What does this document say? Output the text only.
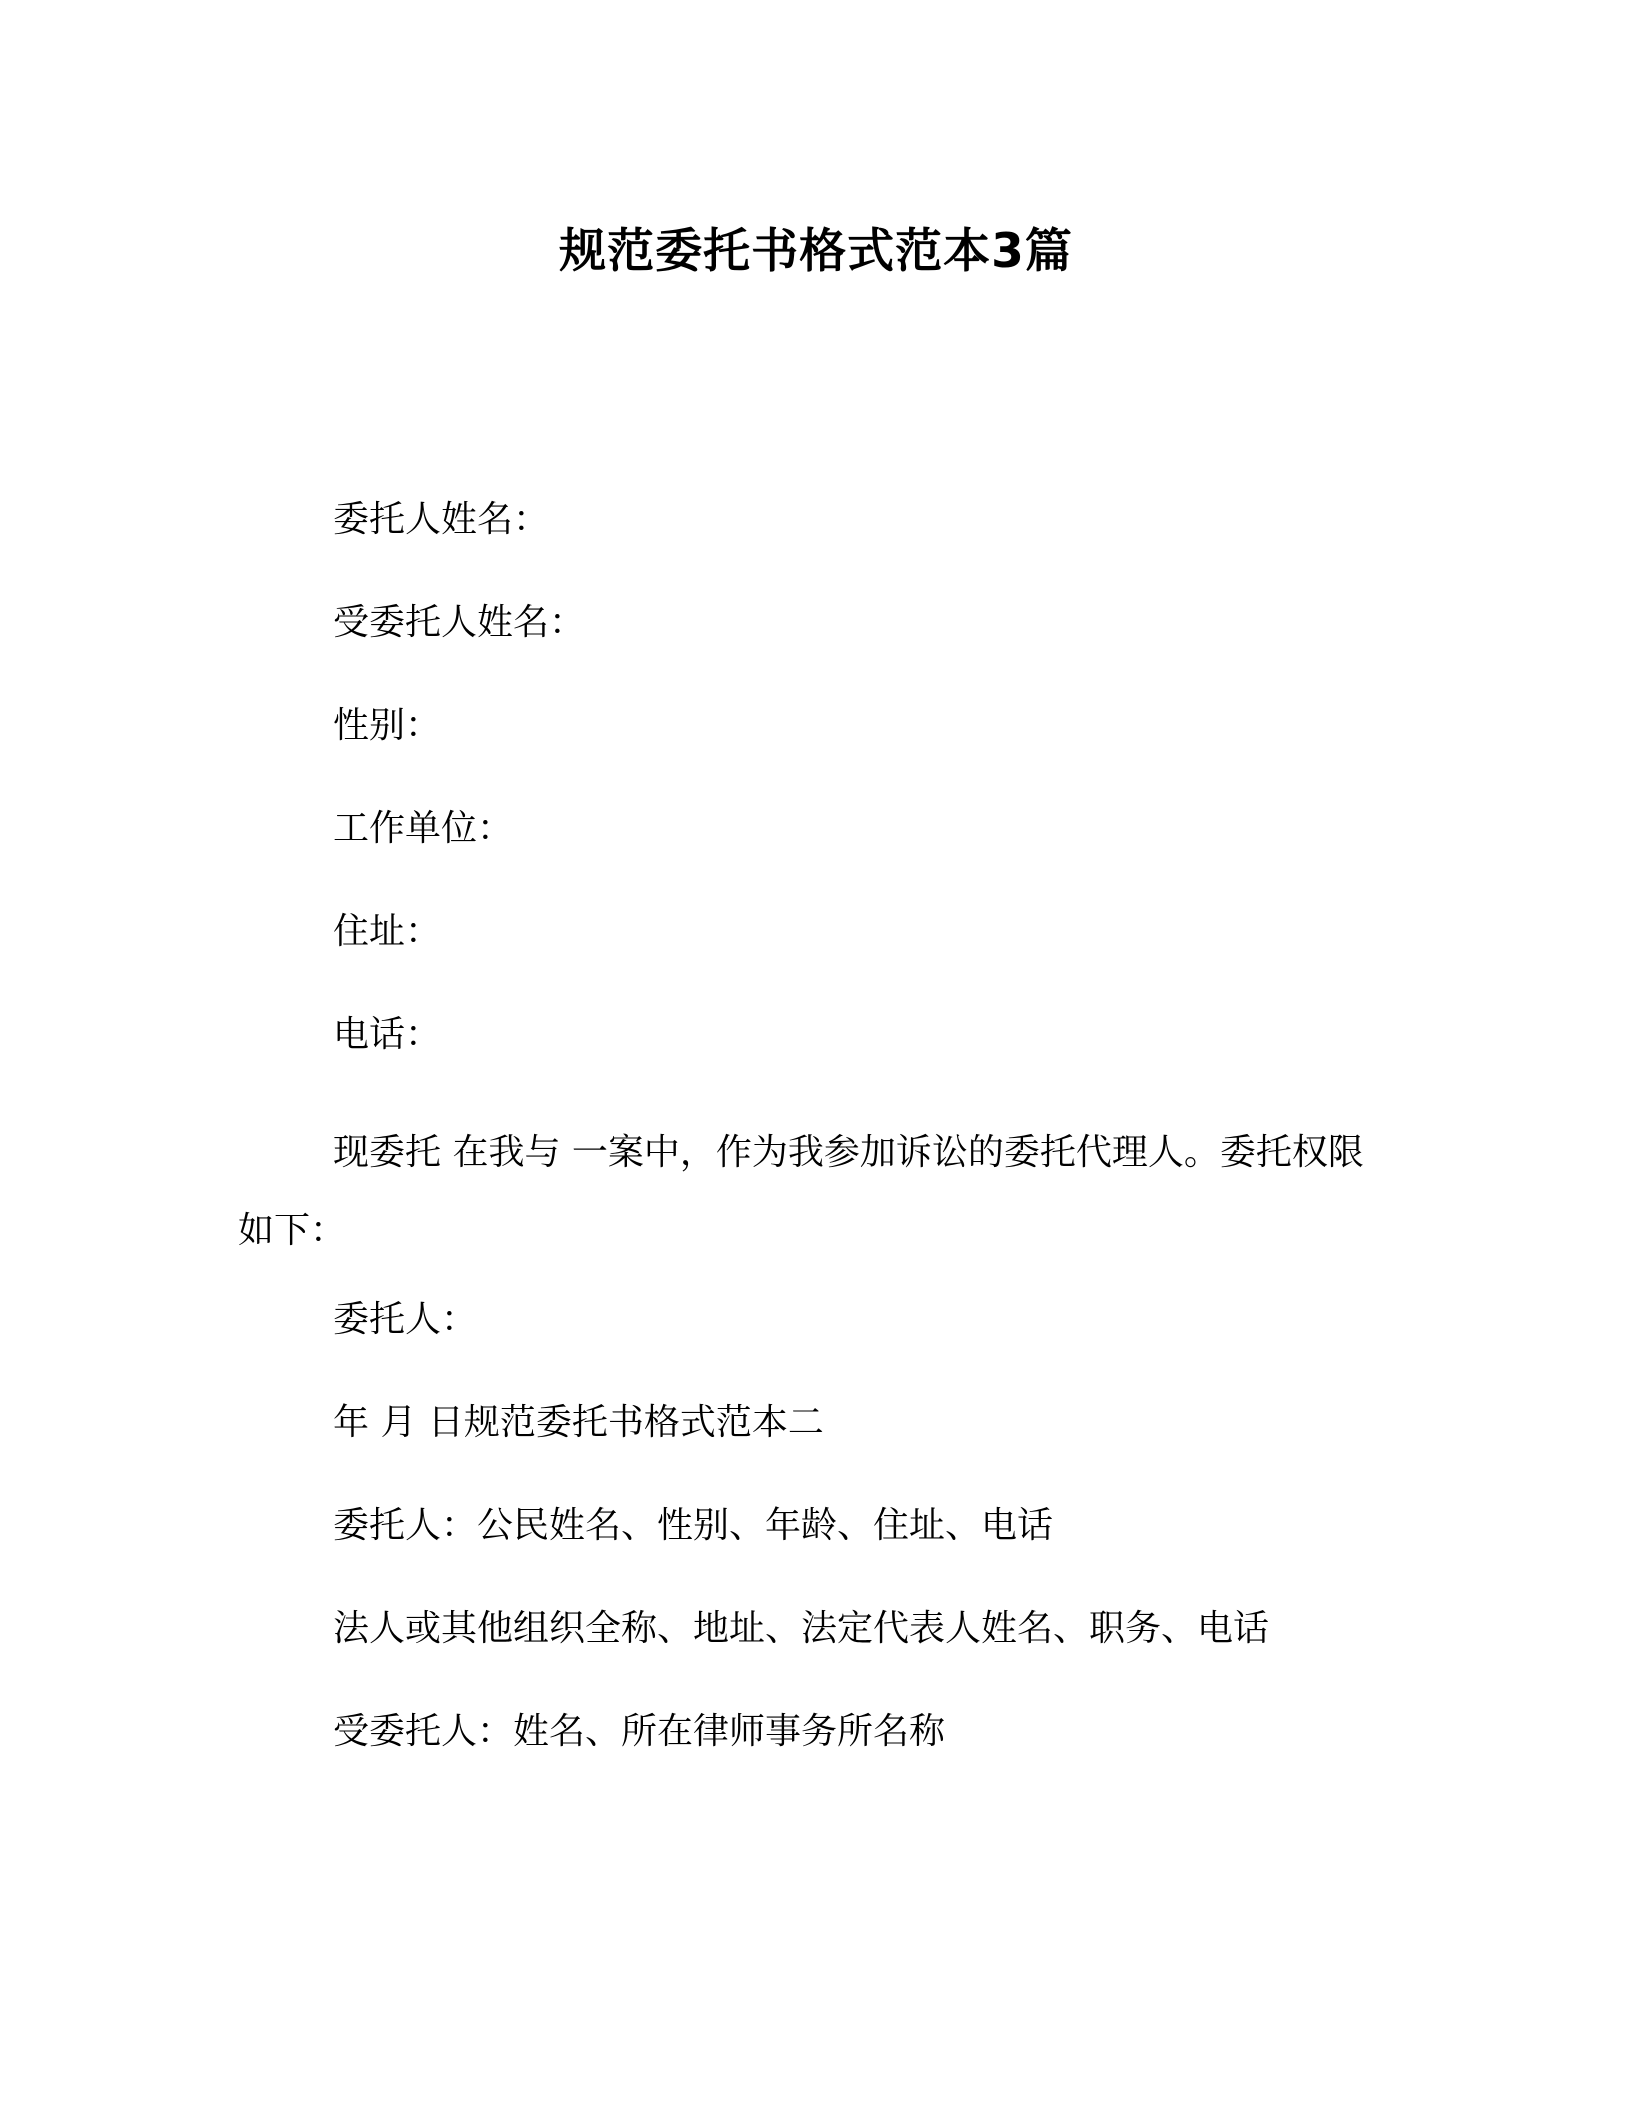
规范委托书格式范本3篇
委托人姓名：
受委托人姓名：
性别：
工作单位：
住址：
电话：
现委托 在我与 一案中，作为我参加诉讼的委托代理人。委托权限如下：
委托人：
年 月 日规范委托书格式范本二
委托人：公民姓名、性别、年龄、住址、电话
法人或其他组织全称、地址、法定代表人姓名、职务、电话
受委托人：姓名、所在律师事务所名称
